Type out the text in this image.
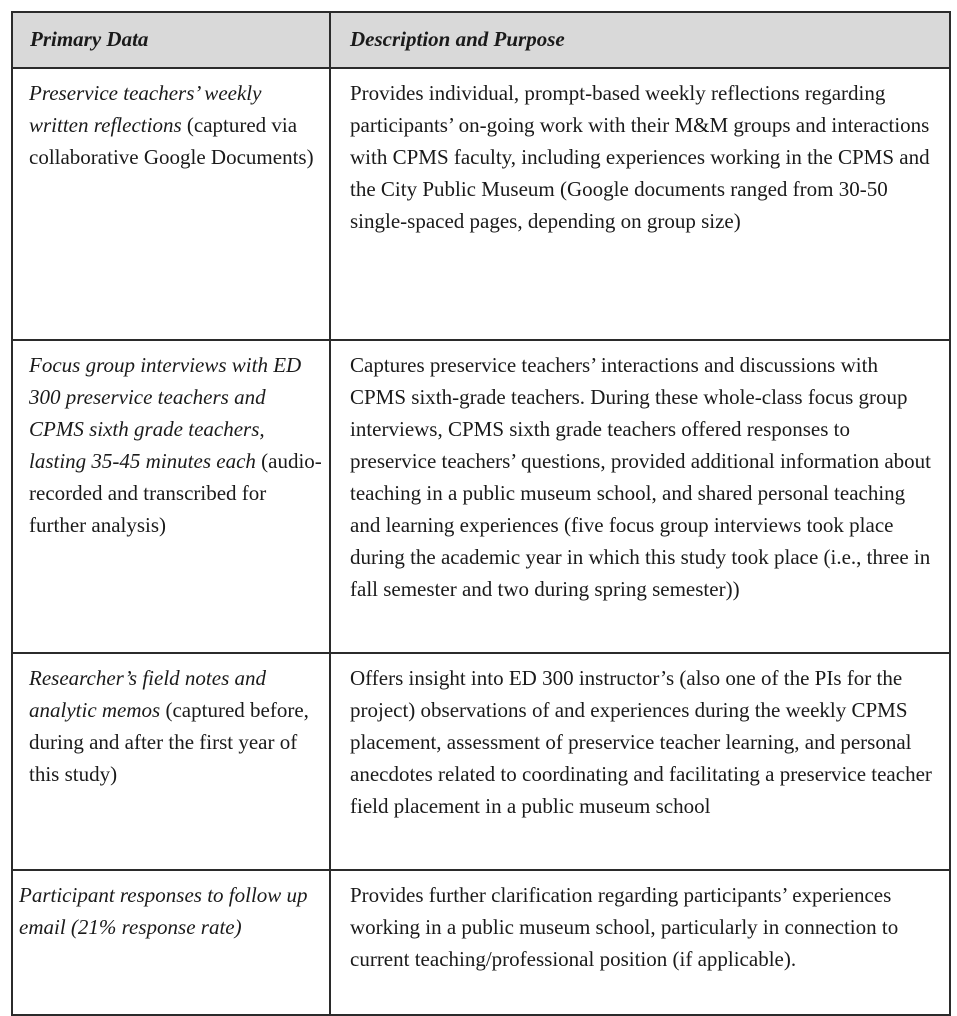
Primary Data	Description and Purpose
Preservice teachers’ weekly written reflections (captured via collaborative Google Documents)	Provides individual, prompt-based weekly reflections regarding participants’ on-going work with their M&M groups and interactions with CPMS faculty, including experiences working in the CPMS and the City Public Museum (Google documents ranged from 30-50 single-spaced pages, depending on group size)
Focus group interviews with ED 300 preservice teachers and CPMS sixth grade teachers, lasting 35-45 minutes each (audio-recorded and transcribed for further analysis)	Captures preservice teachers’ interactions and discussions with CPMS sixth-grade teachers. During these whole-class focus group interviews, CPMS sixth grade teachers offered responses to preservice teachers’ questions, provided additional information about teaching in a public museum school, and shared personal teaching and learning experiences (five focus group interviews took place during the academic year in which this study took place (i.e., three in fall semester and two during spring semester))
Researcher’s field notes and analytic memos (captured before, during and after the first year of this study)	Offers insight into ED 300 instructor’s (also one of the PIs for the project) observations of and experiences during the weekly CPMS placement, assessment of preservice teacher learning, and personal anecdotes related to coordinating and facilitating a preservice teacher field placement in a public museum school
Participant responses to follow up email (21% response rate)	Provides further clarification regarding participants’ experiences working in a public museum school, particularly in connection to current teaching/professional position (if applicable).
